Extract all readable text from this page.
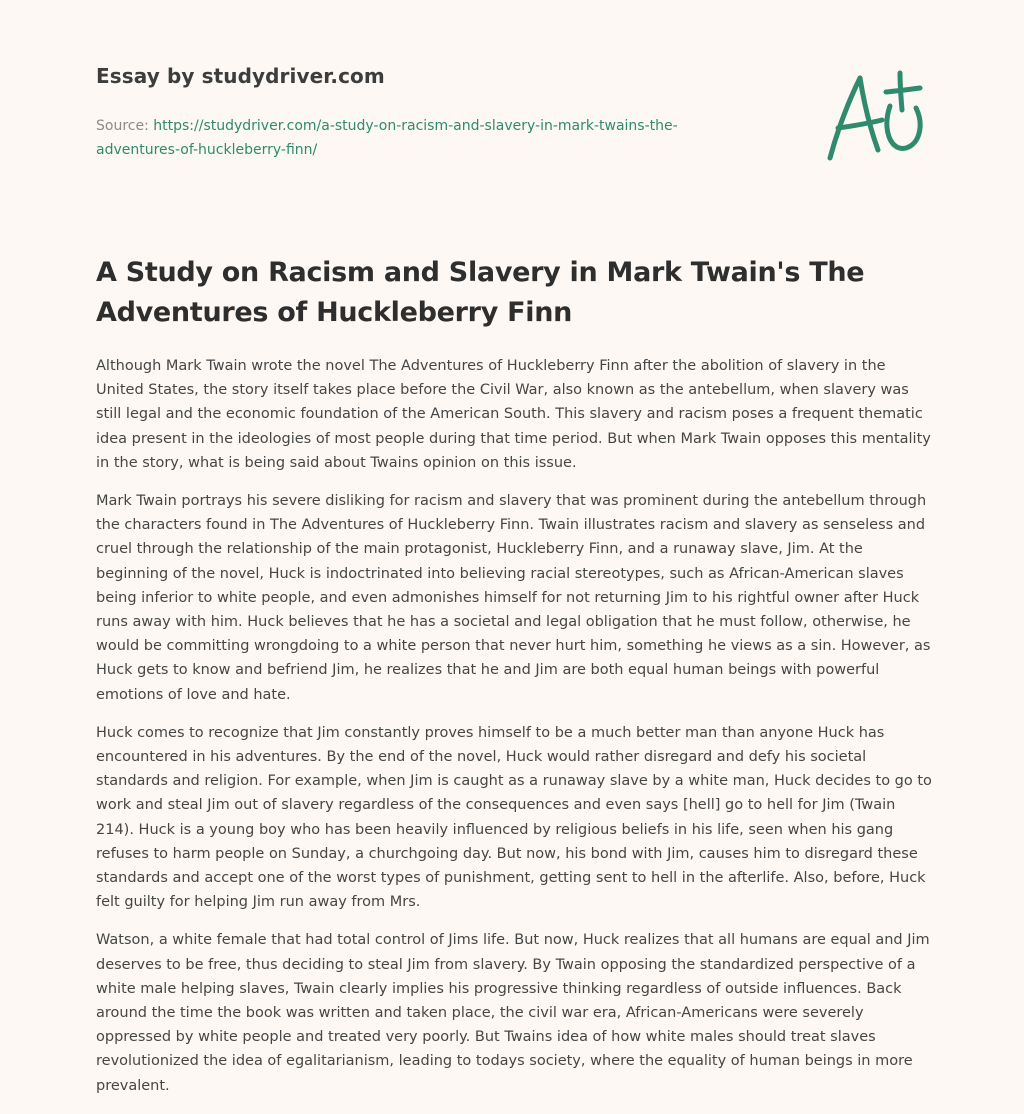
Essay by studydriver.com
Source: https://studydriver.com/a-study-on-racism-and-slavery-in-mark-twains-the-
adventures-of-huckleberry-finn/
A Study on Racism and Slavery in Mark Twain's The Adventures of Huckleberry Finn

Although Mark Twain wrote the novel The Adventures of Huckleberry Finn after the abolition of slavery in the United States, the story itself takes place before the Civil War, also known as the antebellum, when slavery was still legal and the economic foundation of the American South. This slavery and racism poses a frequent thematic idea present in the ideologies of most people during that time period. But when Mark Twain opposes this mentality in the story, what is being said about Twains opinion on this issue.

Mark Twain portrays his severe disliking for racism and slavery that was prominent during the antebellum through the characters found in The Adventures of Huckleberry Finn. Twain illustrates racism and slavery as senseless and cruel through the relationship of the main protagonist, Huckleberry Finn, and a runaway slave, Jim. At the beginning of the novel, Huck is indoctrinated into believing racial stereotypes, such as African-American slaves being inferior to white people, and even admonishes himself for not returning Jim to his rightful owner after Huck runs away with him. Huck believes that he has a societal and legal obligation that he must follow, otherwise, he would be committing wrongdoing to a white person that never hurt him, something he views as a sin. However, as Huck gets to know and befriend Jim, he realizes that he and Jim are both equal human beings with powerful emotions of love and hate.

Huck comes to recognize that Jim constantly proves himself to be a much better man than anyone Huck has encountered in his adventures. By the end of the novel, Huck would rather disregard and defy his societal standards and religion. For example, when Jim is caught as a runaway slave by a white man, Huck decides to go to work and steal Jim out of slavery regardless of the consequences and even says [hell] go to hell for Jim (Twain 214). Huck is a young boy who has been heavily influenced by religious beliefs in his life, seen when his gang refuses to harm people on Sunday, a churchgoing day. But now, his bond with Jim, causes him to disregard these standards and accept one of the worst types of punishment, getting sent to hell in the afterlife. Also, before, Huck felt guilty for helping Jim run away from Mrs.

Watson, a white female that had total control of Jims life. But now, Huck realizes that all humans are equal and Jim deserves to be free, thus deciding to steal Jim from slavery. By Twain opposing the standardized perspective of a white male helping slaves, Twain clearly implies his progressive thinking regardless of outside influences. Back around the time the book was written and taken place, the civil war era, African-Americans were severely oppressed by white people and treated very poorly. But Twains idea of how white males should treat slaves revolutionized the idea of egalitarianism, leading to todays society, where the equality of human beings in more prevalent.
